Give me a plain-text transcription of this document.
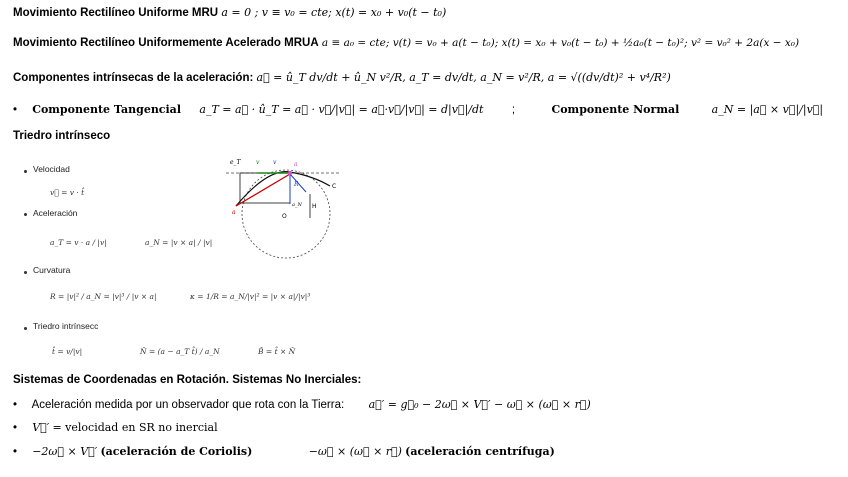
Movimiento Rectilíneo Uniforme MRU a = 0 ; v ≡ v₀ = cte; x(t) = x₀ + v₀(t − t₀)
Movimiento Rectilíneo Uniformemente Acelerado MRUA a ≡ a₀ = cte; v(t) = v₀ + a(t − t₀); x(t) = x₀ + v₀(t − t₀) + ½a₀(t − t₀)²; v² = v₀² + 2a(x − x₀)
Componentes intrínsecas de la aceleración: a⃗ = û_T dv/dt + û_N v²/R, a_T = dv/dt, a_N = v²/R, a = √((dv/dt)² + v⁴/R²)
• Componente Tangencial a_T = a⃗ · û_T = a⃗ · v⃗/|v⃗| = a⃗·v⃗/|v⃗| = d|v⃗|/dt ;	Componente Normal	a_N = |a⃗ × v⃗|/|v⃗|
Triedro intrínseco
Velocidad
v⃗ = v · t̂
Aceleración
a_T = v · a / |v|	a_N = |v × a| / |v|
Curvatura
R = |v|² / a_N = |v|³ / |v × a|	κ = 1/R = a_N/|v|² = |v × a|/|v|³
Triedro intrínsecc
t̂ = v/|v|	N̂ = (a − a_T t̂) / a_N	B̂ = t̂ × N̂
e_T	v v	a
C
R
H
O
a
a_N
Sistemas de Coordenadas en Rotación. Sistemas No Inerciales:
• Aceleración medida por un observador que rota con la Tierra: a⃗′ = g⃗₀ − 2ω⃗ × V⃗′ − ω⃗ × (ω⃗ × r⃗)
• V⃗′ = velocidad en SR no inercial
• −2ω⃗ × V⃗′ (aceleración de Coriolis)	−ω⃗ × (ω⃗ × r⃗) (aceleración centrífuga)
